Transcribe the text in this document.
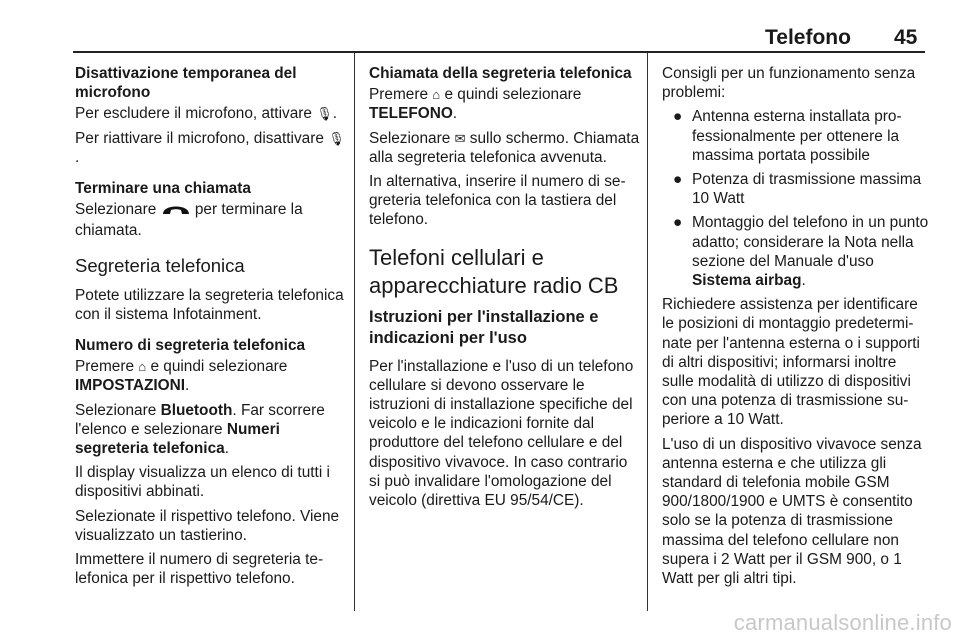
Telefono 45
Disattivazione temporanea del microfono

Per escludere il microfono, attivare 🎙.

Per riattivare il microfono, disattivare 🎙.

Terminare una chiamata

Selezionare	per terminare la chiamata.

Segreteria telefonica

Potete utilizzare la segreteria telefonica con il sistema Infotainment.

Numero di segreteria telefonica

Premere ⌂ e quindi selezionare
IMPOSTAZIONI.

Selezionare Bluetooth. Far scorrere l'elenco e selezionare Numeri segreteria telefonica.

Il display visualizza un elenco di tutti i dispositivi abbinati.

Selezionate il rispettivo telefono. Viene visualizzato un tastierino.

Immettere il numero di segreteria telefonica per il rispettivo telefono.

Chiamata della segreteria telefonica

Premere ⌂ e quindi selezionare
TELEFONO.

Selezionare ✉ sullo schermo. Chiamata alla segreteria telefonica avvenuta.

In alternativa, inserire il numero di segreteria telefonica con la tastiera del telefono.

Telefoni cellulari e apparecchiature radio CB
Istruzioni per l'installazione e indicazioni per l'uso

Per l'installazione e l'uso di un telefono cellulare si devono osservare le istruzioni di installazione specifiche del veicolo e le indicazioni fornite dal produttore del telefono cellulare e del dispositivo vivavoce. In caso contrario si può invalidare l'omologazione del veicolo (direttiva EU 95/54/CE).

Consigli per un funzionamento senza problemi:

● Antenna esterna installata professionalmente per ottenere la massima portata possibile
● Potenza di trasmissione massima 10 Watt
● Montaggio del telefono in un punto adatto; considerare la Nota nella sezione del Manuale d'uso Sistema airbag.

Richiedere assistenza per identificare le posizioni di montaggio predeterminate per l'antenna esterna o i supporti di altri dispositivi; informarsi inoltre sulle modalità di utilizzo di dispositivi con una potenza di trasmissione superiore a 10 Watt.

L'uso di un dispositivo vivavoce senza antenna esterna e che utilizza gli standard di telefonia mobile GSM 900/1800/1900 e UMTS è consentito solo se la potenza di trasmissione massima del telefono cellulare non supera i 2 Watt per il GSM 900, o 1 Watt per gli altri tipi.

carmanualsonline.info
